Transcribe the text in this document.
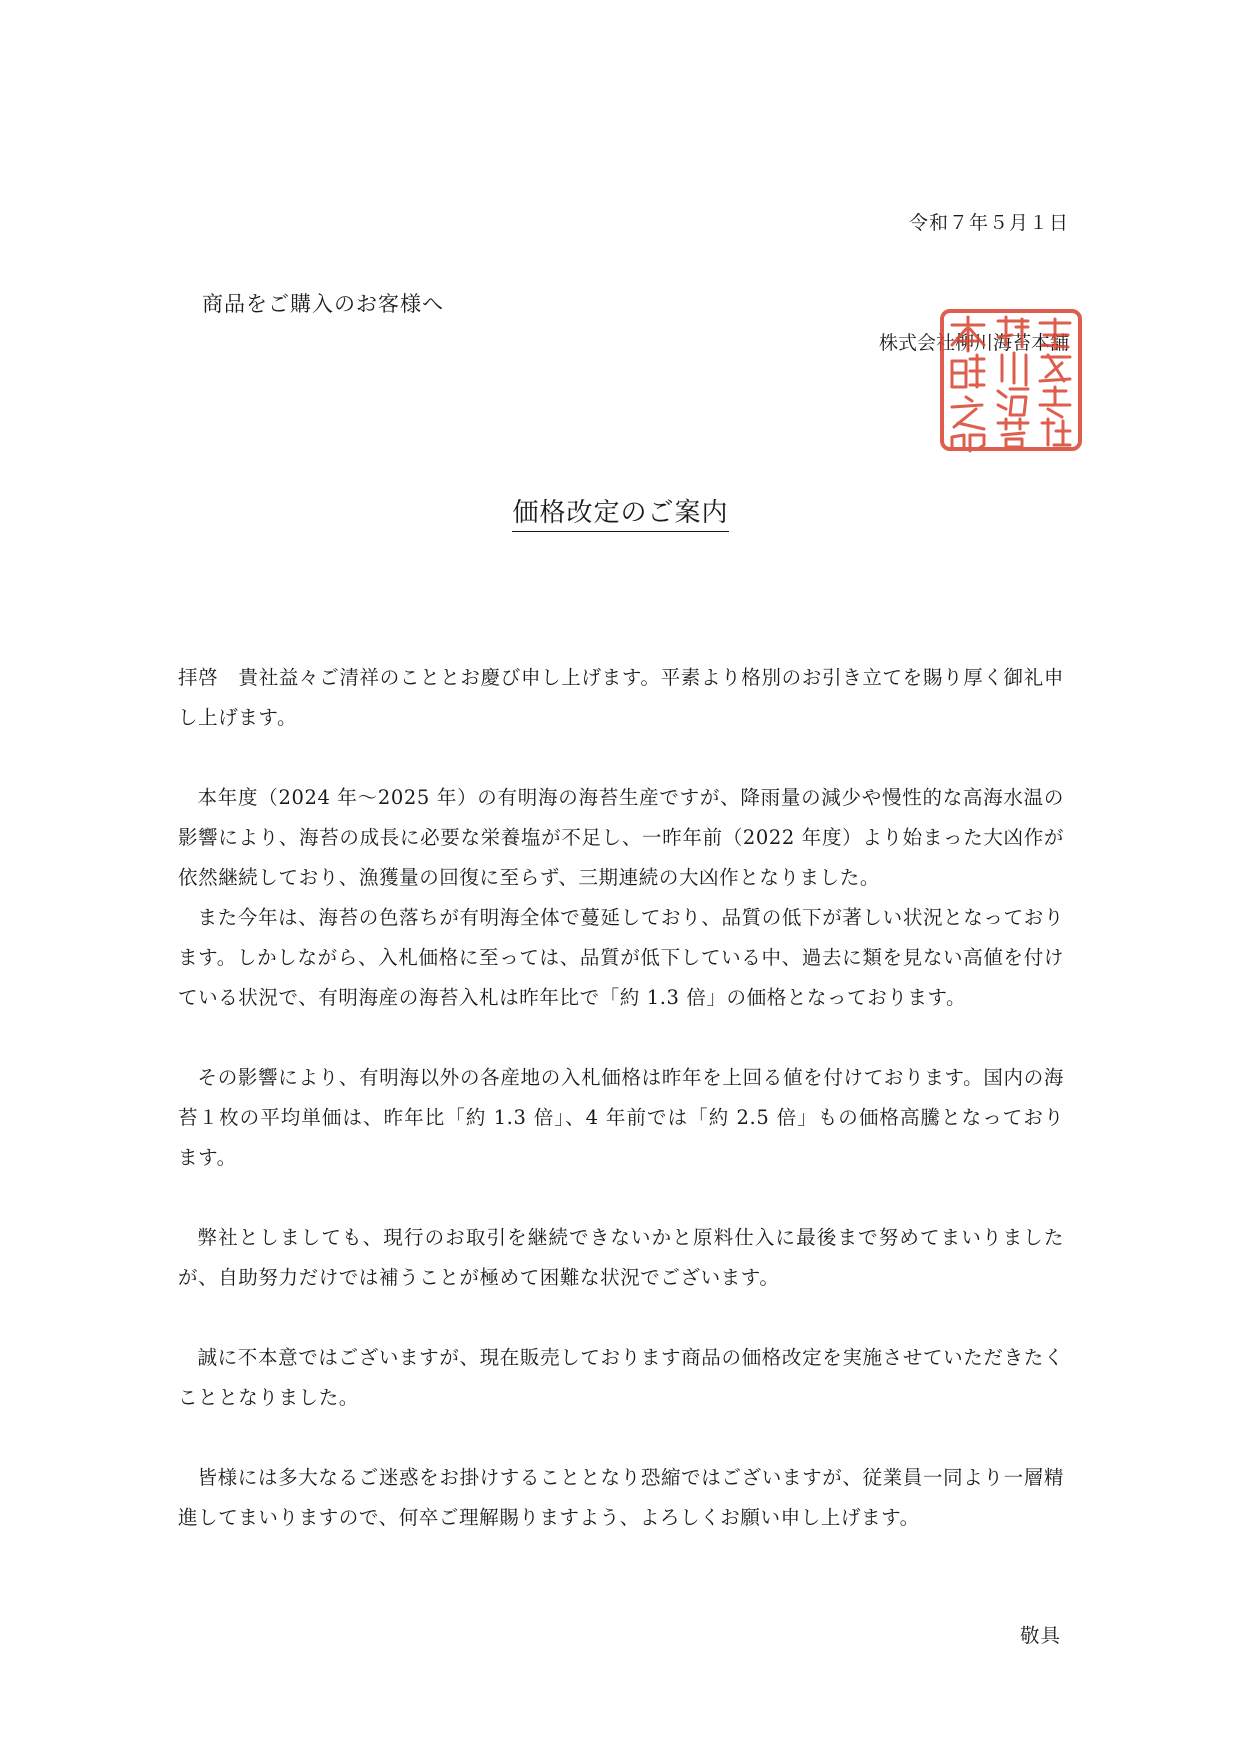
令和７年５月１日
商品をご購入のお客様へ
株式会社柳川海苔本舗
価格改定のご案内

拝啓　貴社益々ご清祥のこととお慶び申し上げます。平素より格別のお引き立てを賜り厚く御礼申し上げます。

本年度（2024 年～2025 年）の有明海の海苔生産ですが、降雨量の減少や慢性的な高海水温の影響により、海苔の成長に必要な栄養塩が不足し、一昨年前（2022 年度）より始まった大凶作が依然継続しており、漁獲量の回復に至らず、三期連続の大凶作となりました。

また今年は、海苔の色落ちが有明海全体で蔓延しており、品質の低下が著しい状況となっております。しかしながら、入札価格に至っては、品質が低下している中、過去に類を見ない高値を付けている状況で、有明海産の海苔入札は昨年比で「約 1.3 倍」の価格となっております。

その影響により、有明海以外の各産地の入札価格は昨年を上回る値を付けております。国内の海苔１枚の平均単価は、昨年比「約 1.3 倍」、4 年前では「約 2.5 倍」もの価格高騰となっております。

弊社としましても、現行のお取引を継続できないかと原料仕入に最後まで努めてまいりましたが、自助努力だけでは補うことが極めて困難な状況でございます。

誠に不本意ではございますが、現在販売しております商品の価格改定を実施させていただきたくこととなりました。

皆様には多大なるご迷惑をお掛けすることとなり恐縮ではございますが、従業員一同より一層精進してまいりますので、何卒ご理解賜りますよう、よろしくお願い申し上げます。

敬具
